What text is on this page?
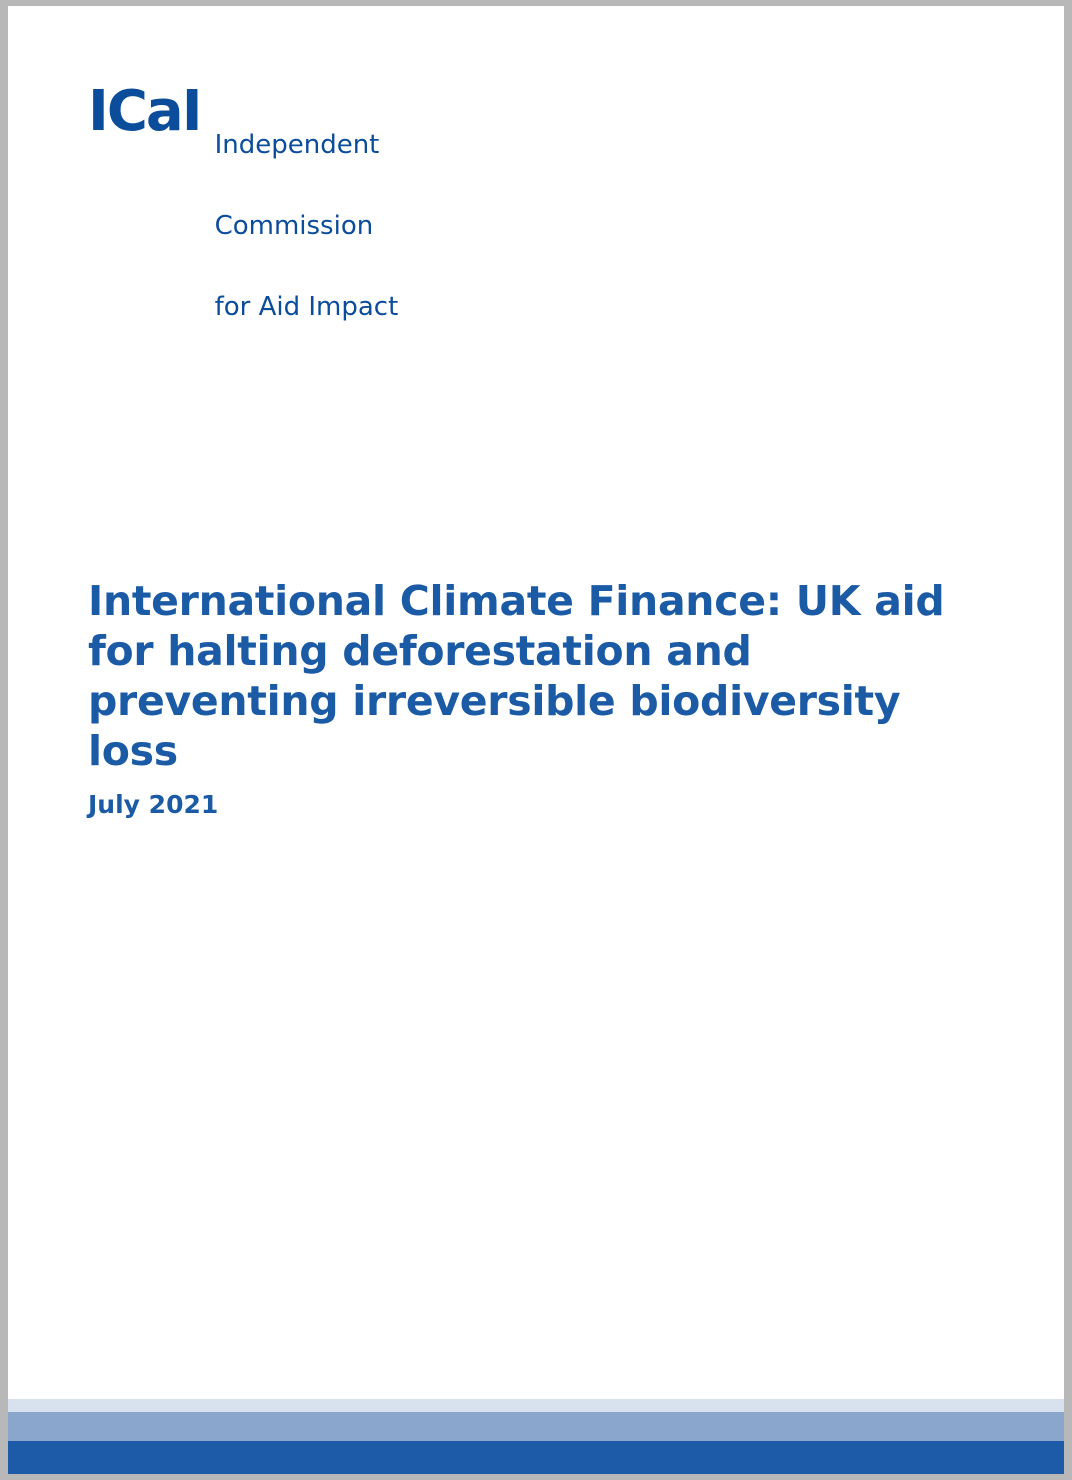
ICaI

Independent

Commission

for Aid Impact

International Climate Finance: UK aid for halting deforestation and preventing irreversible biodiversity loss
July 2021
